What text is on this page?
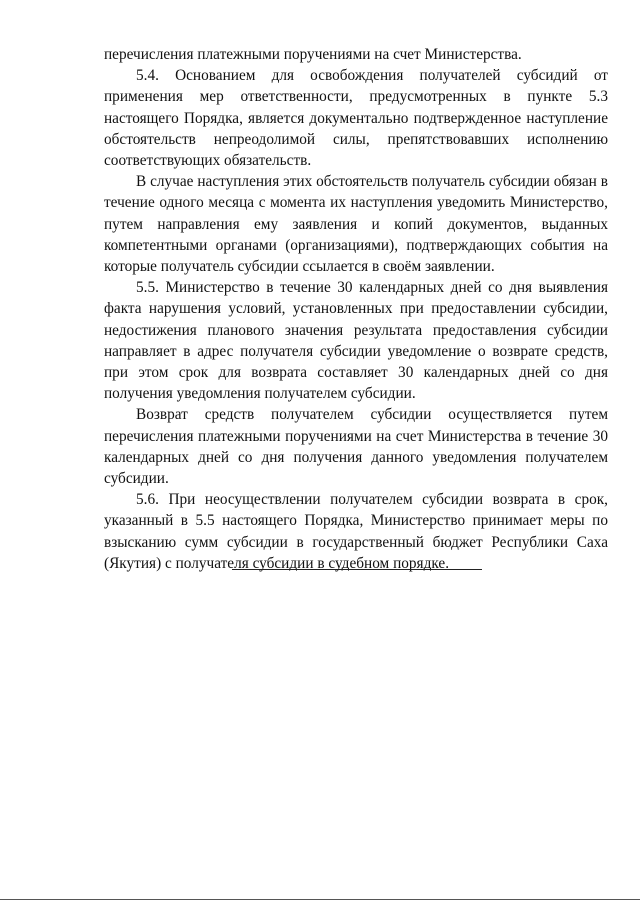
перечисления платежными поручениями на счет Министерства.

5.4. Основанием для освобождения получателей субсидий от применения мер ответственности, предусмотренных в пункте 5.3 настоящего Порядка, является документально подтвержденное наступление обстоятельств непреодолимой силы, препятствовавших исполнению соответствующих обязательств.

В случае наступления этих обстоятельств получатель субсидии обязан в течение одного месяца с момента их наступления уведомить Министерство, путем направления ему заявления и копий документов, выданных компетентными органами (организациями), подтверждающих события на которые получатель субсидии ссылается в своём заявлении.

5.5. Министерство в течение 30 календарных дней со дня выявления факта нарушения условий, установленных при предоставлении субсидии, недостижения планового значения результата предоставления субсидии направляет в адрес получателя субсидии уведомление о возврате средств, при этом срок для возврата составляет 30 календарных дней со дня получения уведомления получателем субсидии.

Возврат средств получателем субсидии осуществляется путем перечисления платежными поручениями на счет Министерства в течение 30 календарных дней со дня получения данного уведомления получателем субсидии.

5.6. При неосуществлении получателем субсидии возврата в срок, указанный в 5.5 настоящего Порядка, Министерство принимает меры по взысканию сумм субсидии в государственный бюджет Республики Саха (Якутия) с получателя субсидии в судебном порядке.
